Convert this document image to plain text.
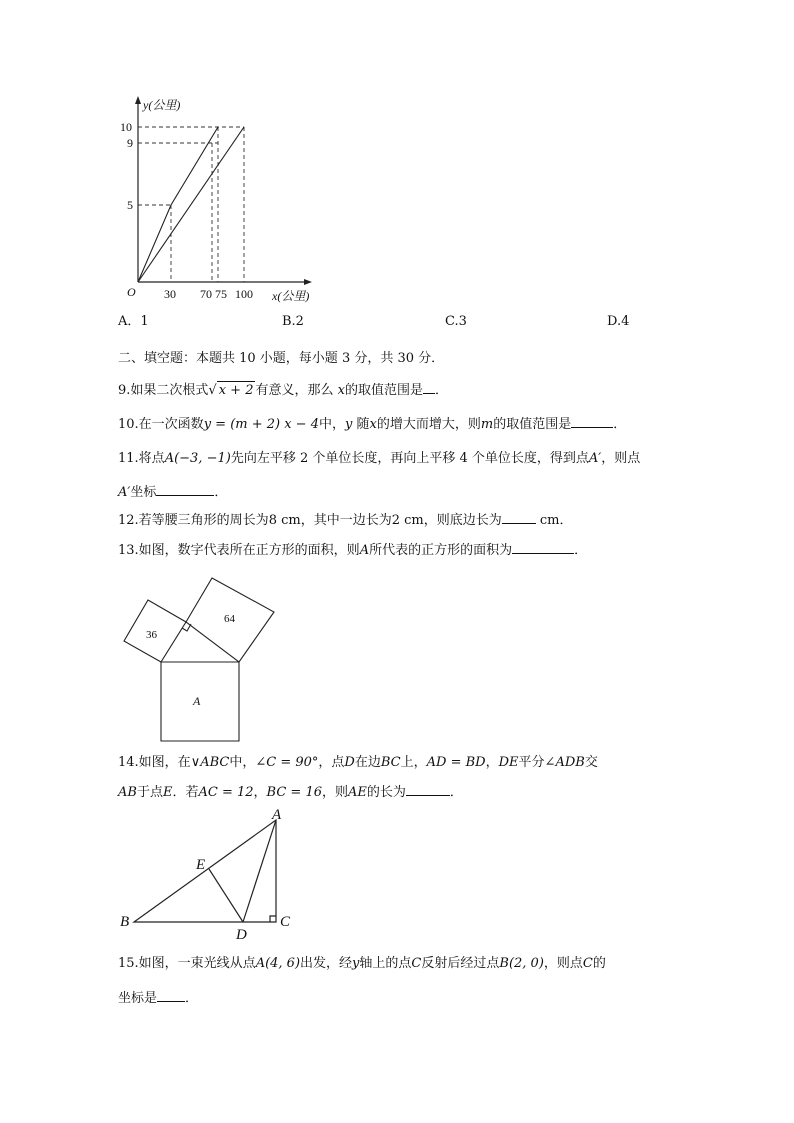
y(公里)
x(公里)
O
10
9
5
30 70 75 100
A．1	B.2	C.3	D.4
二、填空题：本题共 10 小题，每小题 3 分，共 30 分．
9.如果二次根式√ x + 2 有意义，那么 x的取值范围是 ．
10.在一次函数y = (m + 2) x − 4中，y 随x的增大而增大，则m的取值范围是	．
11.将点A(−3, −1)先向左平移 2 个单位长度，再向上平移 4 个单位长度，得到点A′，则点
A′坐标	．
12.若等腰三角形的周长为8 cm，其中一边长为2 cm，则底边长为	cm．
13.如图，数字代表所在正方形的面积，则A所代表的正方形的面积为	．
36
64
A
14.如图，在∨ABC中，∠C = 90°，点D在边BC上，AD = BD，DE平分∠ADB交
AB于点E．若AC = 12，BC = 16，则AE的长为	．
A
B	C
D
E
15.如图，一束光线从点A(4, 6)出发，经y轴上的点C反射后经过点B(2, 0)，则点C的
坐标是 ．
